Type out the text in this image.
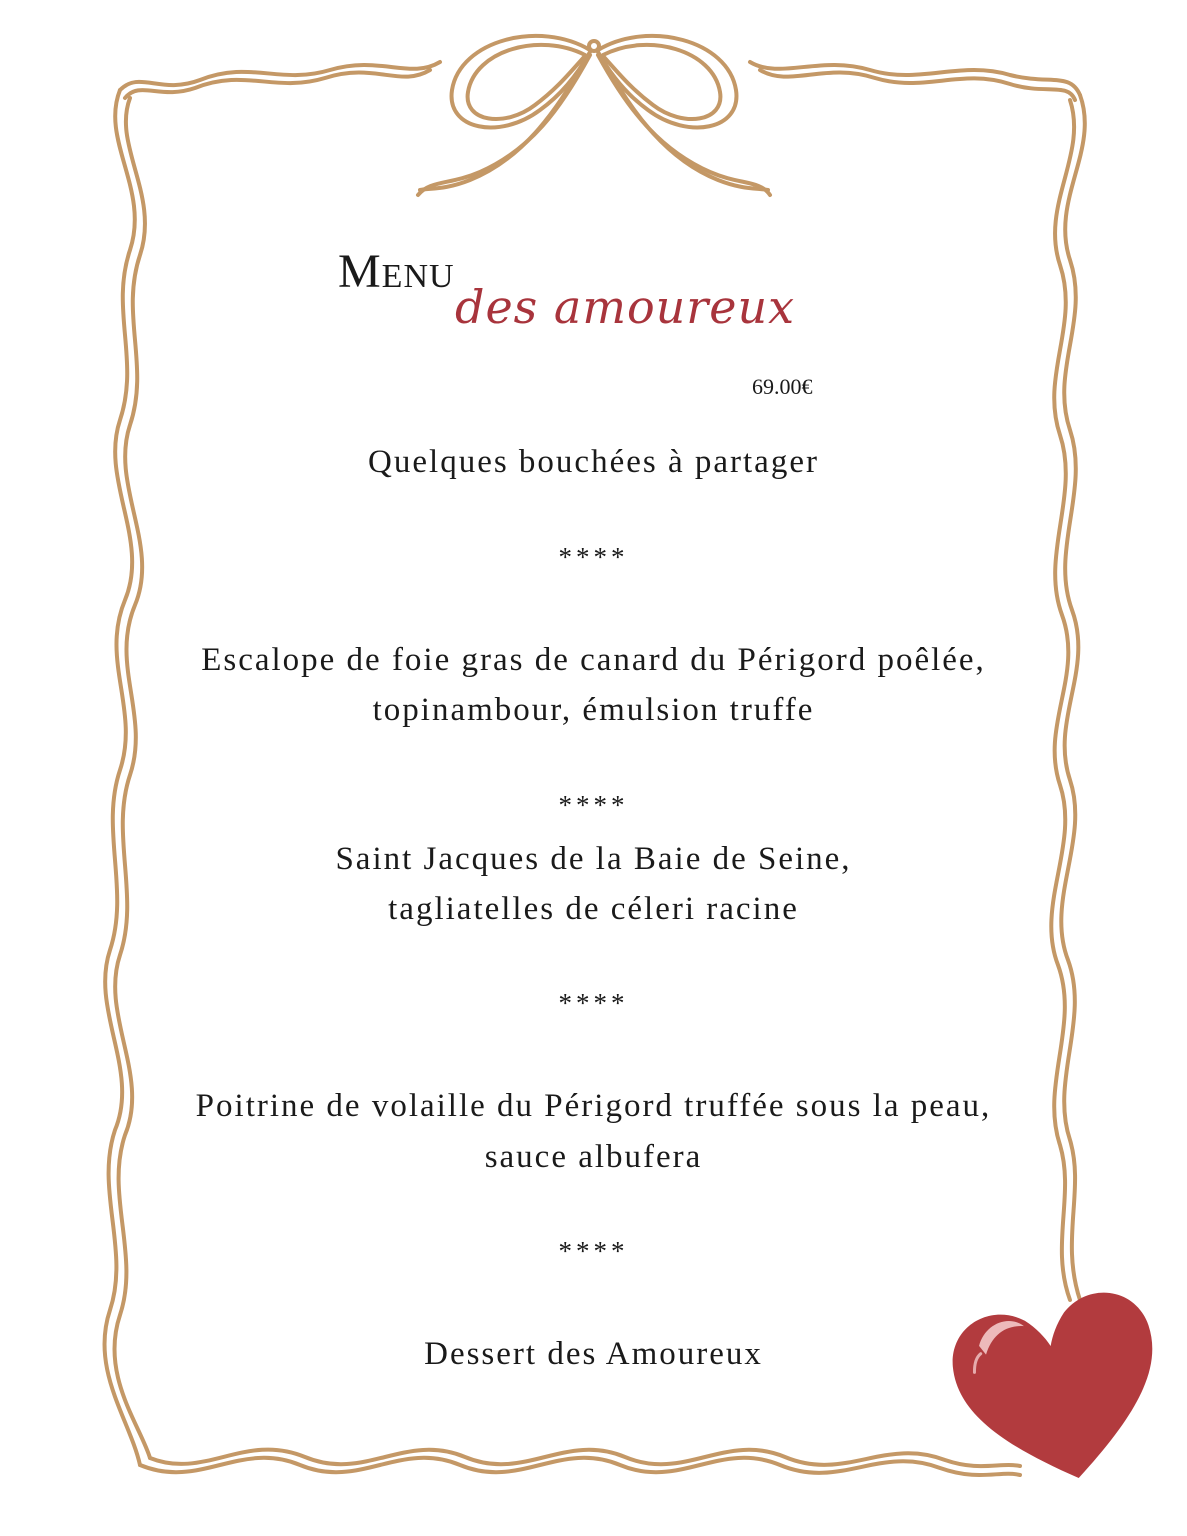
Menu
des amoureux
69.00€
Quelques bouchées à partager
****
Escalope de foie gras de canard du Périgord poêlée,
topinambour, émulsion truffe
****
Saint Jacques de la Baie de Seine,
tagliatelles de céleri racine
****
Poitrine de volaille du Périgord truffée sous la peau,
sauce albufera
****
Dessert des Amoureux
